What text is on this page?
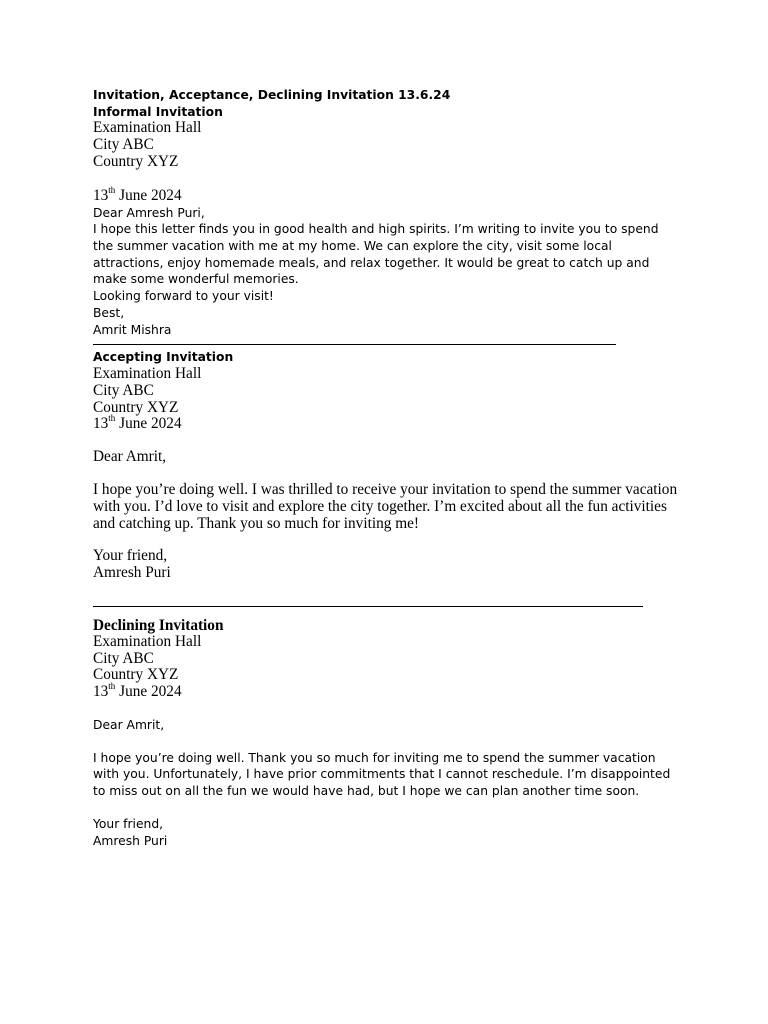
Invitation, Acceptance, Declining Invitation 13.6.24
Informal Invitation
Examination Hall
City ABC
Country XYZ
13th June 2024
Dear Amresh Puri,
I hope this letter finds you in good health and high spirits. I’m writing to invite you to spend the summer vacation with me at my home. We can explore the city, visit some local attractions, enjoy homemade meals, and relax together. It would be great to catch up and make some wonderful memories.
Looking forward to your visit!
Best,
Amrit Mishra
Accepting Invitation
Examination Hall
City ABC
Country XYZ
13th June 2024
Dear Amrit,
I hope you’re doing well. I was thrilled to receive your invitation to spend the summer vacation with you. I’d love to visit and explore the city together. I’m excited about all the fun activities and catching up. Thank you so much for inviting me!
Your friend,
Amresh Puri
Declining Invitation
Examination Hall
City ABC
Country XYZ
13th June 2024
Dear Amrit,
I hope you’re doing well. Thank you so much for inviting me to spend the summer vacation with you. Unfortunately, I have prior commitments that I cannot reschedule. I’m disappointed to miss out on all the fun we would have had, but I hope we can plan another time soon.
Your friend,
Amresh Puri
